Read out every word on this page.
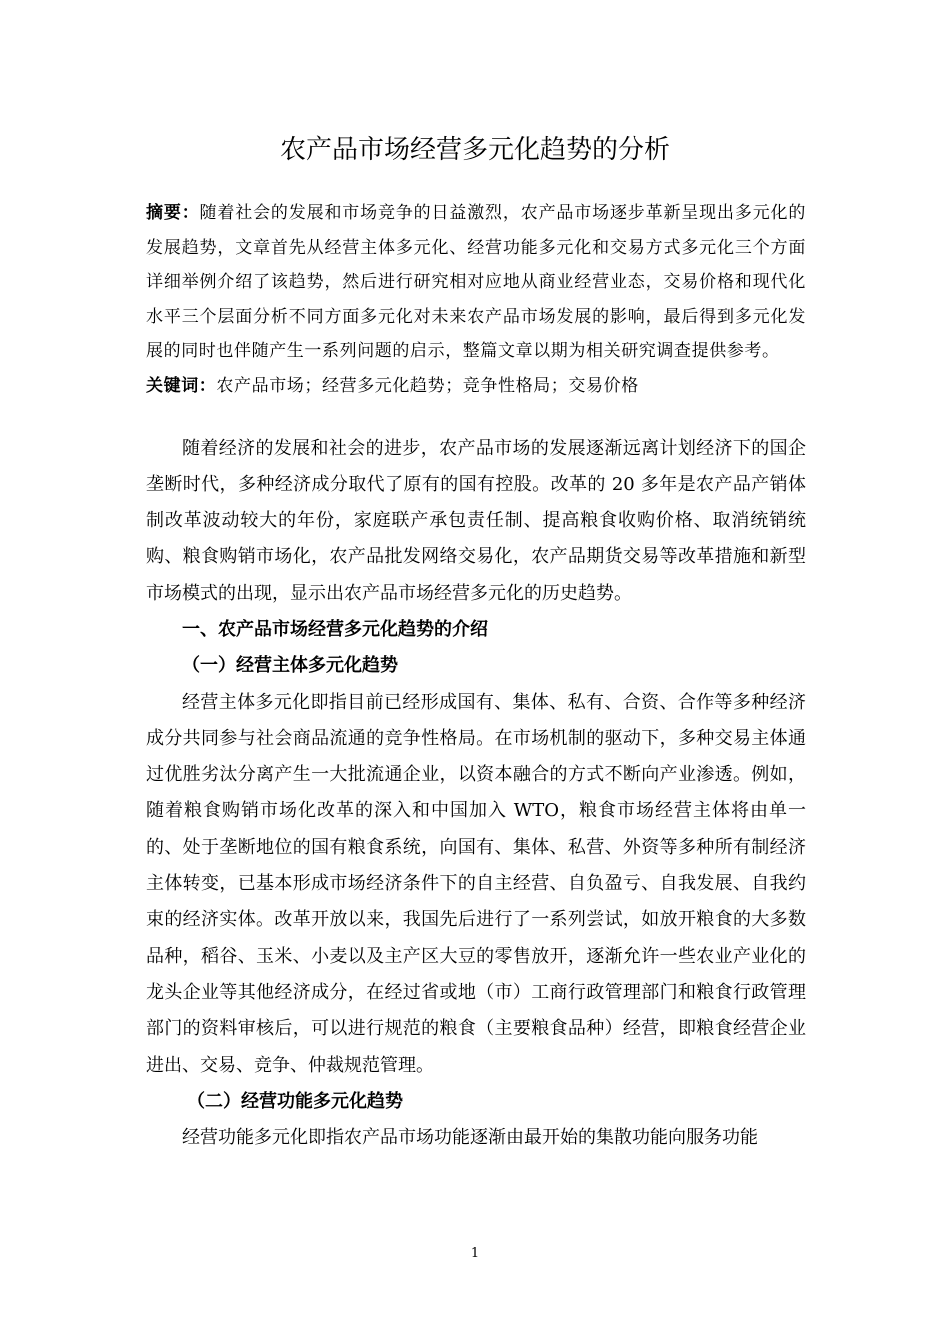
农产品市场经营多元化趋势的分析
摘要：随着社会的发展和市场竞争的日益激烈，农产品市场逐步革新呈现出多元化的发展趋势，文章首先从经营主体多元化、经营功能多元化和交易方式多元化三个方面详细举例介绍了该趋势，然后进行研究相对应地从商业经营业态，交易价格和现代化水平三个层面分析不同方面多元化对未来农产品市场发展的影响，最后得到多元化发展的同时也伴随产生一系列问题的启示，整篇文章以期为相关研究调查提供参考。
关键词：农产品市场；经营多元化趋势；竞争性格局；交易价格

随着经济的发展和社会的进步，农产品市场的发展逐渐远离计划经济下的国企垄断时代，多种经济成分取代了原有的国有控股。改革的 20 多年是农产品产销体制改革波动较大的年份，家庭联产承包责任制、提高粮食收购价格、取消统销统购、粮食购销市场化，农产品批发网络交易化，农产品期货交易等改革措施和新型市场模式的出现，显示出农产品市场经营多元化的历史趋势。

一、农产品市场经营多元化趋势的介绍
（一）经营主体多元化趋势

经营主体多元化即指目前已经形成国有、集体、私有、合资、合作等多种经济成分共同参与社会商品流通的竞争性格局。在市场机制的驱动下，多种交易主体通过优胜劣汰分离产生一大批流通企业，以资本融合的方式不断向产业渗透。例如，随着粮食购销市场化改革的深入和中国加入 WTO，粮食市场经营主体将由单一的、处于垄断地位的国有粮食系统，向国有、集体、私营、外资等多种所有制经济主体转变，已基本形成市场经济条件下的自主经营、自负盈亏、自我发展、自我约束的经济实体。改革开放以来，我国先后进行了一系列尝试，如放开粮食的大多数品种，稻谷、玉米、小麦以及主产区大豆的零售放开，逐渐允许一些农业产业化的龙头企业等其他经济成分，在经过省或地（市）工商行政管理部门和粮食行政管理部门的资料审核后，可以进行规范的粮食（主要粮食品种）经营，即粮食经营企业进出、交易、竞争、仲裁规范管理。

（二）经营功能多元化趋势

经营功能多元化即指农产品市场功能逐渐由最开始的集散功能向服务功能

1
